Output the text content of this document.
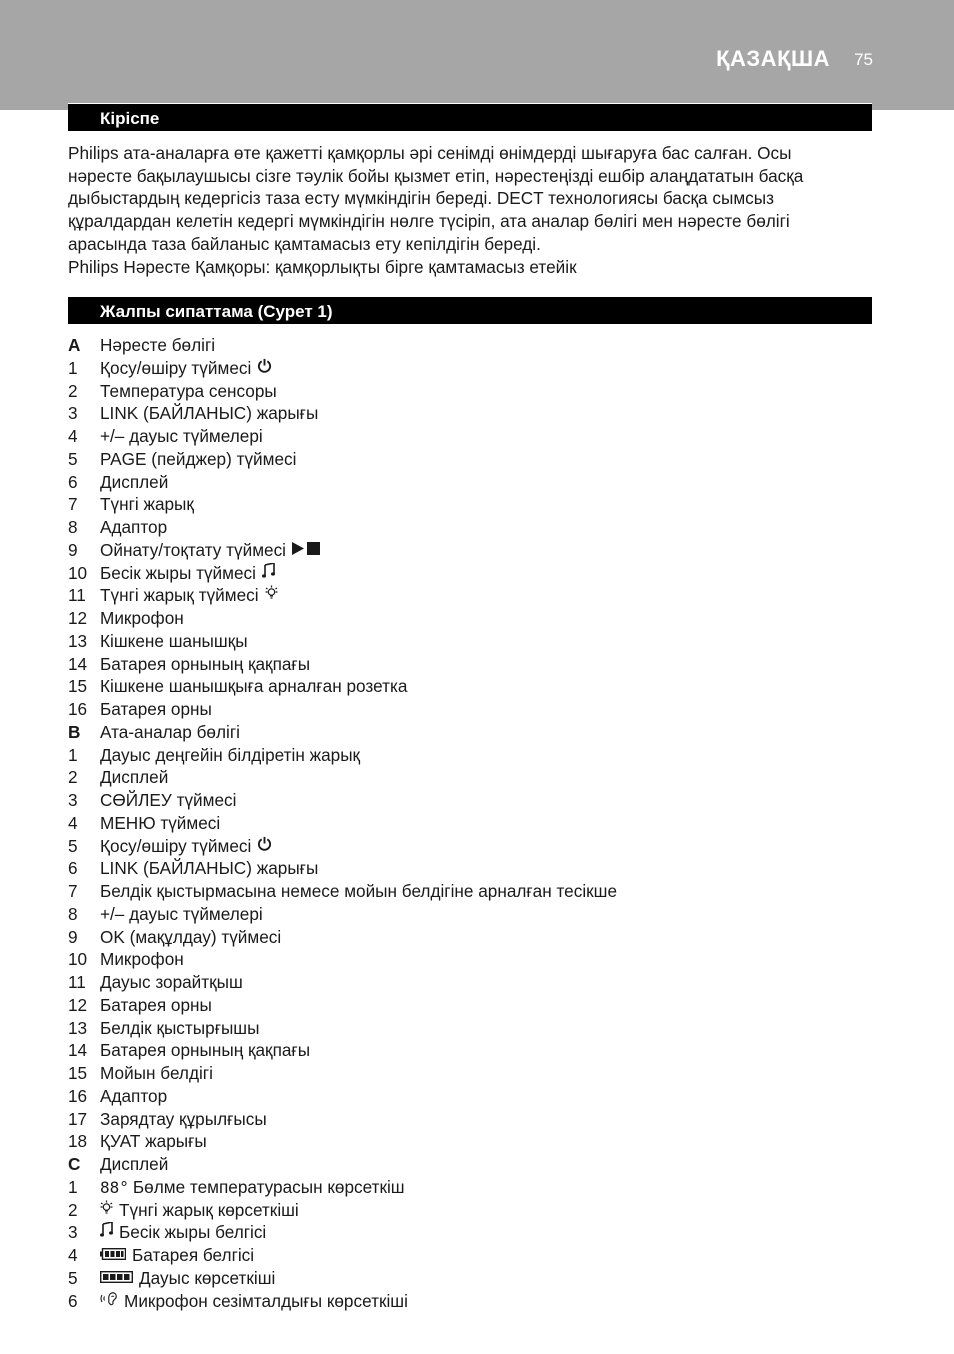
ҚАЗАҚША 75
Кіріспе

Philips ата-аналарға өте қажетті қамқорлы әрі сенімді өнімдерді шығаруға бас салған. Осы

нәресте бақылаушысы сізге тәулік бойы қызмет етіп, нәрестеңізді ешбір алаңдататын басқа

дыбыстардың кедергісіз таза есту мүмкіндігін береді. DECT технологиясы басқа сымсыз

құралдардан келетін кедергі мүмкіндігін нөлге түсіріп, ата аналар бөлігі мен нәресте бөлігі

арасында таза байланыс қамтамасыз ету кепілдігін береді.

Philips Нәресте Қамқоры: қамқорлықты бірге қамтамасыз етейік

Жалпы сипаттама (Сурет 1)
A	Нәресте бөлігі
1	Қосу/өшіру түймесі
2	Температура сенсоры
3	LINK (БАЙЛАНЫС) жарығы
4	+/– дауыс түймелері
5	PAGE (пейджер) түймесі
6	Дисплей
7	Түнгі жарық
8	Адаптор
9	Ойнату/тоқтату түймесі
10 Бесік жыры түймесі
11 Түнгі жарық түймесі
12 Микрофон
13 Кішкене шанышқы
14 Батарея орнының қақпағы
15 Кішкене шанышқыға арналған розетка
16 Батарея орны
B	Ата-аналар бөлігі
1	Дауыс деңгейін білдіретін жарық
2	Дисплей
3	СӨЙЛЕУ түймесі
4	МЕНЮ түймесі
5	Қосу/өшіру түймесі
6	LINK (БАЙЛАНЫС) жарығы
7	Белдік қыстырмасына немесе мойын белдігіне арналған тесікше
8	+/– дауыс түймелері
9	OK (мақұлдау) түймесі
10 Микрофон
11 Дауыс зорайтқыш
12 Батарея орны
13 Белдік қыстырғышы
14 Батарея орнының қақпағы
15 Мойын белдігі
16 Адаптор
17 Зарядтау құрылғысы
18 ҚУАТ жарығы
C	Дисплей
1	88° Бөлме температурасын көрсеткіш
2	Түнгі жарық көрсеткіші
3	Бесік жыры белгісі
4	Батарея белгісі
5	Дауыс көрсеткіші
6	Микрофон сезімталдығы көрсеткіші
